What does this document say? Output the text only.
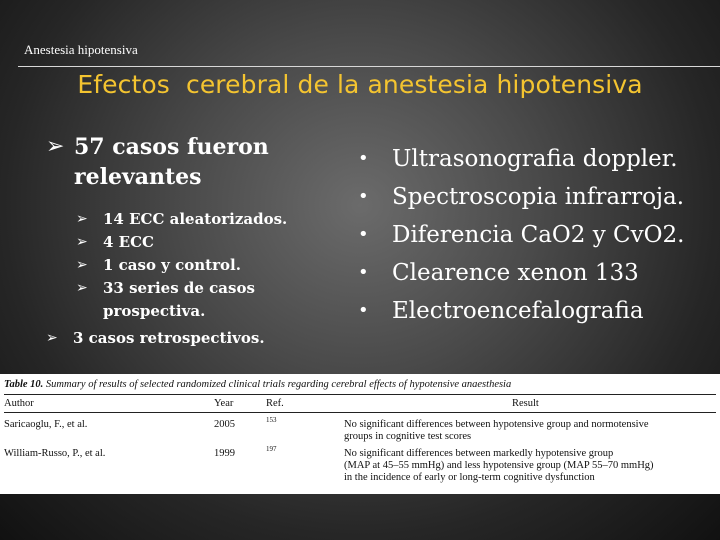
Anestesia hipotensiva
Efectos  cerebral de la anestesia hipotensiva
➢ 57 casos fueron relevantes
➢	14 ECC aleatorizados.
➢	4 ECC
➢	1 caso y control.
➢	33 series de casos prospectiva.
➢	3 casos retrospectivos.
•	Ultrasonografia doppler.
•	Spectroscopia infrarroja.
•	Diferencia CaO2 y CvO2.
•	Clearence xenon 133
•	Electroencefalografia
Table 10. Summary of results of selected randomized clinical trials regarding cerebral effects of hypotensive anaesthesia
Author	Year	Ref.	Result
Saricaoglu, F., et al.	2005	153	No significant differences between hypotensive group and normotensive
groups in cognitive test scores
William-Russo, P., et al.	1999	197	No significant differences between markedly hypotensive group
(MAP at 45–55 mmHg) and less hypotensive group (MAP 55–70 mmHg)
in the incidence of early or long-term cognitive dysfunction
